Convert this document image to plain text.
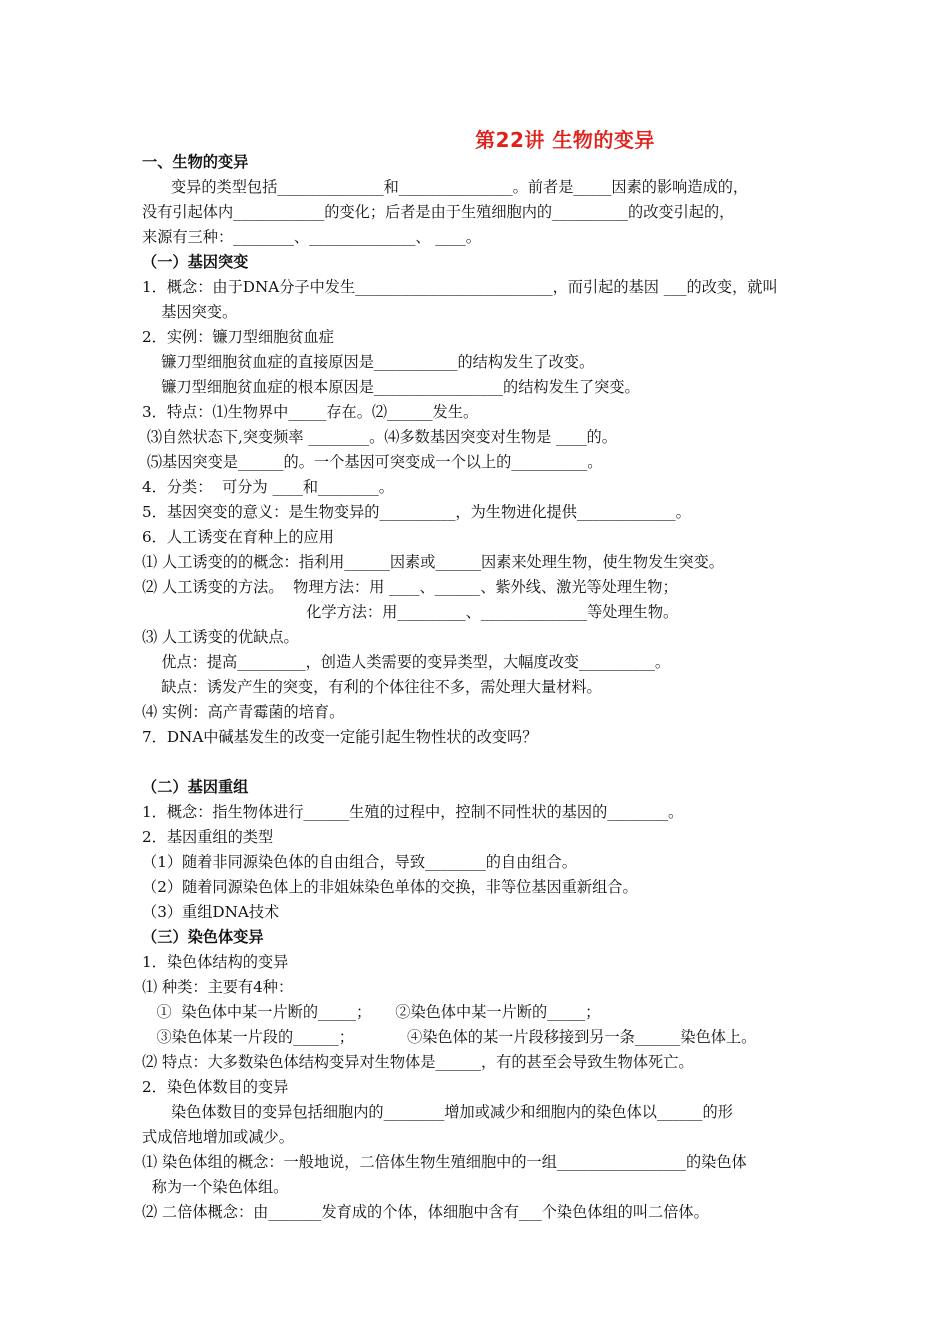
第22讲 生物的变异
一、生物的变异
变异的类型包括______________和_______________。前者是_____因素的影响造成的，
没有引起体内____________的变化；后者是由于生殖细胞内的__________的改变引起的，
来源有三种：________、______________、 ____。
（一）基因突变
1．概念：由于DNA分子中发生__________________________，而引起的基因 ___的改变，就叫
基因突变。
2．实例：镰刀型细胞贫血症
镰刀型细胞贫血症的直接原因是___________的结构发生了改变。
镰刀型细胞贫血症的根本原因是_________________的结构发生了突变。
3．特点：⑴生物界中_____存在。⑵______发生。
⑶自然状态下,突变频率 ________。⑷多数基因突变对生物是 ____的。
⑸基因突变是______的。一个基因可突变成一个以上的__________。
4．分类：  可分为 ____和________。
5．基因突变的意义：是生物变异的__________，为生物进化提供_____________。
6．人工诱变在育种上的应用
⑴ 人工诱变的的概念：指利用______因素或______因素来处理生物，使生物发生突变。
⑵ 人工诱变的方法。  物理方法：用 ____、______、紫外线、激光等处理生物；
化学方法：用_________、______________等处理生物。
⑶ 人工诱变的优缺点。
优点：提高_________，创造人类需要的变异类型，大幅度改变__________。
缺点：诱发产生的突变，有利的个体往往不多，需处理大量材料。
⑷ 实例：高产青霉菌的培育。
7．DNA中碱基发生的改变一定能引起生物性状的改变吗？
（二）基因重组
1．概念：指生物体进行______生殖的过程中，控制不同性状的基因的________。
2．基因重组的类型
（1）随着非同源染色体的自由组合，导致________的自由组合。
（2）随着同源染色体上的非姐妹染色单体的交换，非等位基因重新组合。
（3）重组DNA技术
（三）染色体变异
1．染色体结构的变异
⑴ 种类：主要有4种：
①  染色体中某一片断的_____；     ②染色体中某一片断的_____；
③染色体某一片段的______；           ④染色体的某一片段移接到另一条______染色体上。
⑵ 特点：大多数染色体结构变异对生物体是______，有的甚至会导致生物体死亡。
2．染色体数目的变异
染色体数目的变异包括细胞内的________增加或减少和细胞内的染色体以______的形
式成倍地增加或减少。
⑴ 染色体组的概念：一般地说，二倍体生物生殖细胞中的一组_________________的染色体
称为一个染色体组。
⑵ 二倍体概念：由_______发育成的个体，体细胞中含有___个染色体组的叫二倍体。
